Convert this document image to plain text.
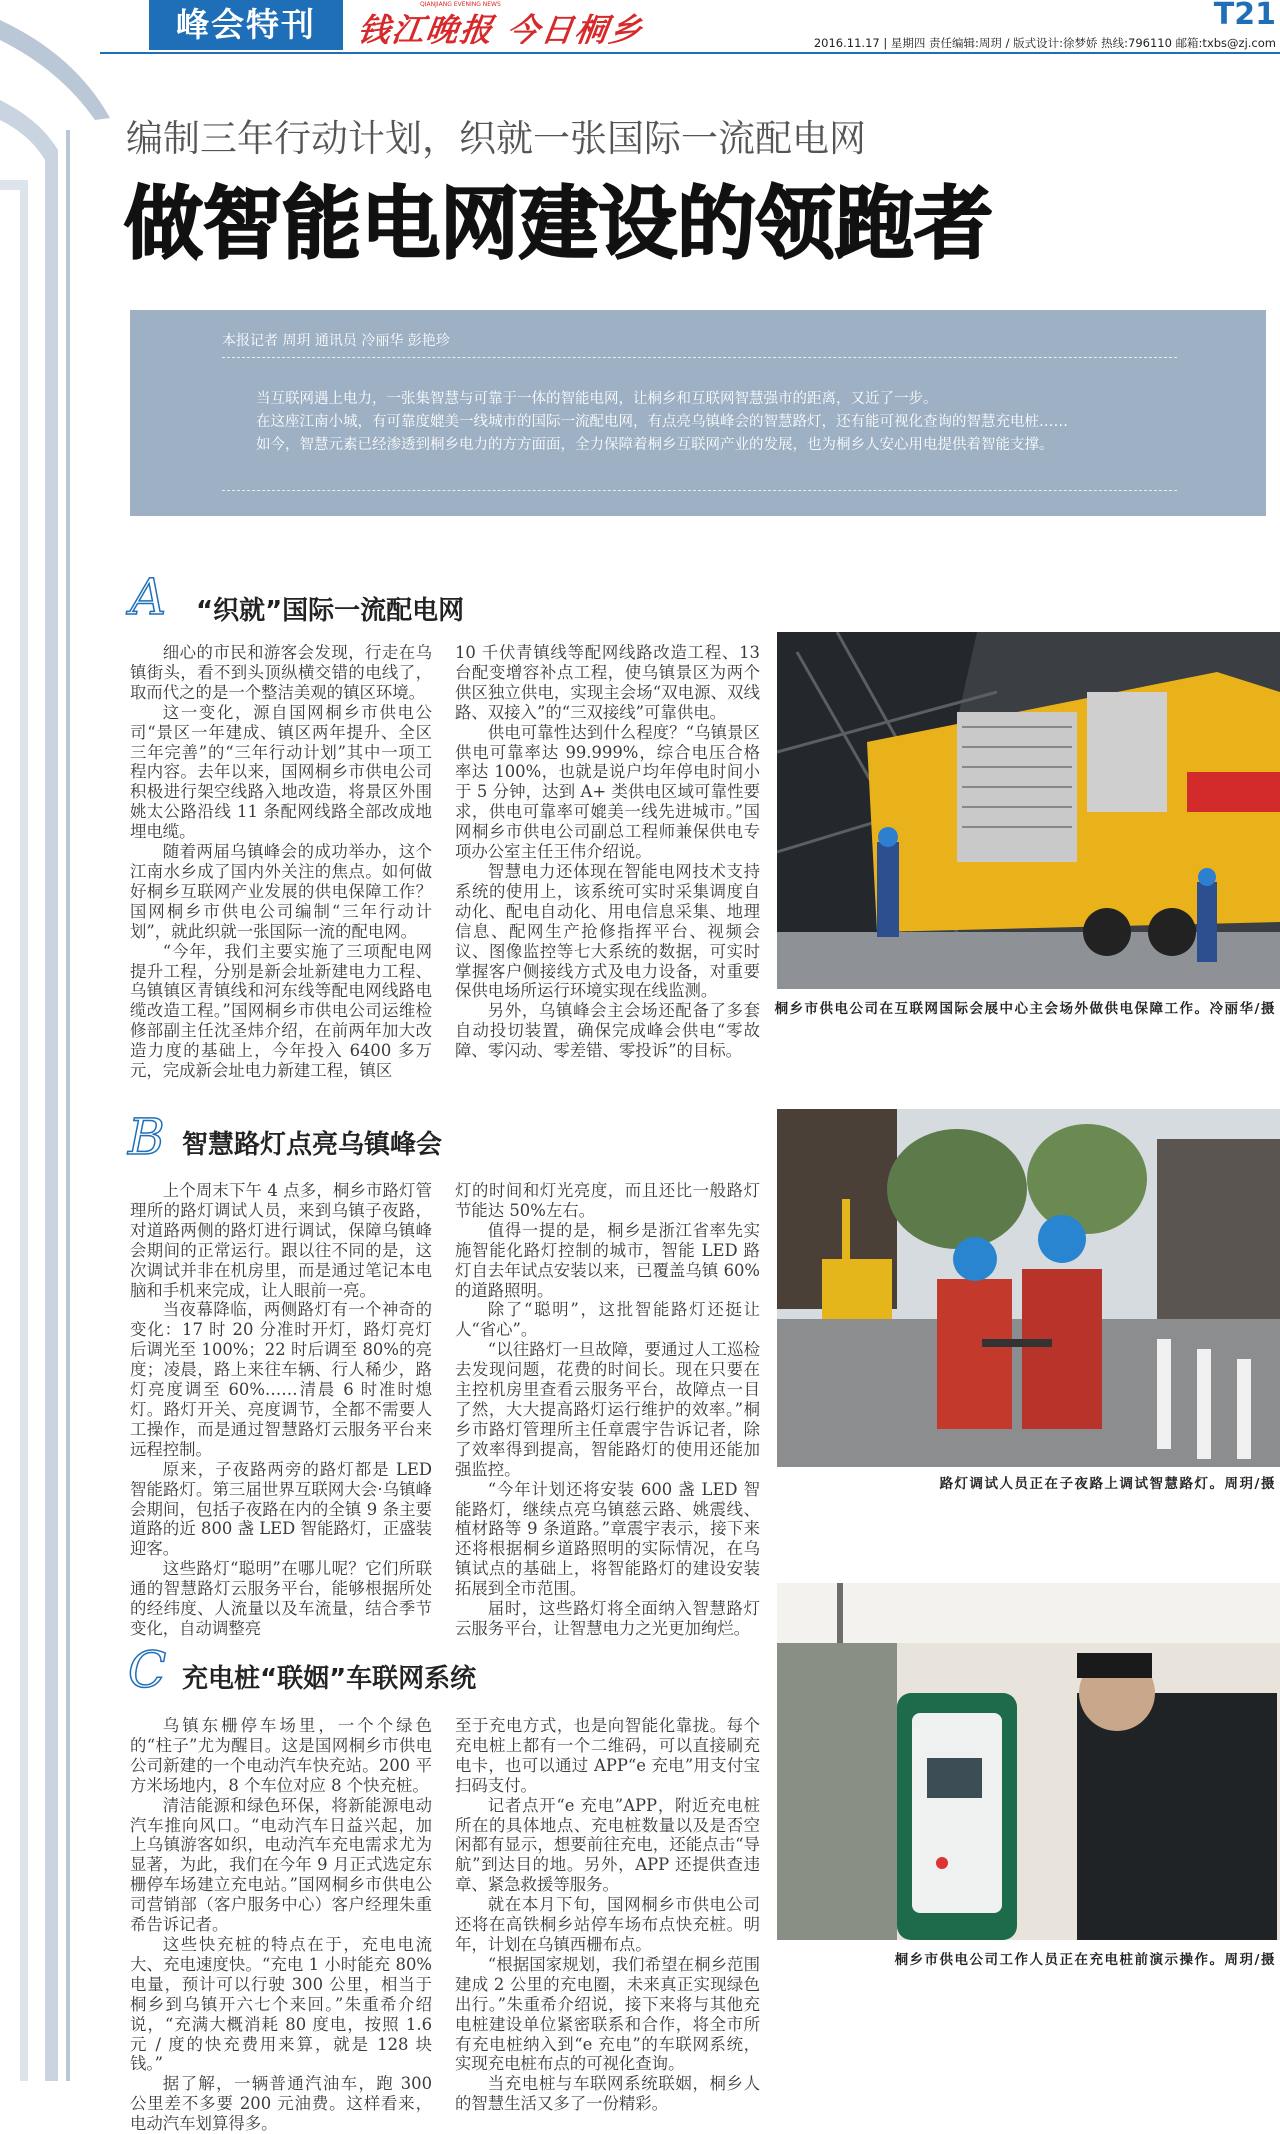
峰会特刊
QIANJIANG EVENING NEWS
钱江晚报 今日桐乡	T21
2016.11.17 | 星期四 责任编辑:周玥 / 版式设计:徐梦娇 热线:796110 邮箱:txbs@zj.com
编制三年行动计划，织就一张国际一流配电网
做智能电网建设的领跑者
本报记者 周玥 通讯员 冷丽华 彭艳珍
当互联网遇上电力，一张集智慧与可靠于一体的智能电网，让桐乡和互联网智慧强市的距离，又近了一步。
在这座江南小城，有可靠度媲美一线城市的国际一流配电网，有点亮乌镇峰会的智慧路灯，还有能可视化查询的智慧充电桩……
如今，智慧元素已经渗透到桐乡电力的方方面面，全力保障着桐乡互联网产业的发展，也为桐乡人安心用电提供着智能支撑。
A “织就”国际一流配电网

细心的市民和游客会发现，行走在乌镇街头，看不到头顶纵横交错的电线了，取而代之的是一个整洁美观的镇区环境。

这一变化，源自国网桐乡市供电公司“景区一年建成、镇区两年提升、全区三年完善”的“三年行动计划”其中一项工程内容。去年以来，国网桐乡市供电公司积极进行架空线路入地改造，将景区外围姚太公路沿线 11 条配网线路全部改成地埋电缆。

随着两届乌镇峰会的成功举办，这个江南水乡成了国内外关注的焦点。如何做好桐乡互联网产业发展的供电保障工作？国网桐乡市供电公司编制“三年行动计划”，就此织就一张国际一流的配电网。

“今年，我们主要实施了三项配电网提升工程，分别是新会址新建电力工程、乌镇镇区青镇线和河东线等配电网线路电缆改造工程。”国网桐乡市供电公司运维检修部副主任沈圣炜介绍，在前两年加大改造力度的基础上，今年投入 6400 多万元，完成新会址电力新建工程，镇区

10 千伏青镇线等配网线路改造工程、13 台配变增容补点工程，使乌镇景区为两个供区独立供电，实现主会场“双电源、双线路、双接入”的“三双接线”可靠供电。

供电可靠性达到什么程度？“乌镇景区供电可靠率达 99.999%，综合电压合格率达 100%，也就是说户均年停电时间小于 5 分钟，达到 A+ 类供电区域可靠性要求，供电可靠率可媲美一线先进城市。”国网桐乡市供电公司副总工程师兼保供电专项办公室主任王伟介绍说。

智慧电力还体现在智能电网技术支持系统的使用上，该系统可实时采集调度自动化、配电自动化、用电信息采集、地理信息、配网生产抢修指挥平台、视频会议、图像监控等七大系统的数据，可实时掌握客户侧接线方式及电力设备，对重要保供电场所运行环境实现在线监测。

另外，乌镇峰会主会场还配备了多套自动投切装置，确保完成峰会供电“零故障、零闪动、零差错、零投诉”的目标。

桐乡市供电公司在互联网国际会展中心主会场外做供电保障工作。冷丽华/摄
B 智慧路灯点亮乌镇峰会

上个周末下午 4 点多，桐乡市路灯管理所的路灯调试人员，来到乌镇子夜路，对道路两侧的路灯进行调试，保障乌镇峰会期间的正常运行。跟以往不同的是，这次调试并非在机房里，而是通过笔记本电脑和手机来完成，让人眼前一亮。

当夜幕降临，两侧路灯有一个神奇的变化：17 时 20 分准时开灯，路灯亮灯后调光至 100%；22 时后调至 80%的亮度；凌晨，路上来往车辆、行人稀少，路灯亮度调至 60%……清晨 6 时准时熄灯。路灯开关、亮度调节，全都不需要人工操作，而是通过智慧路灯云服务平台来远程控制。

原来，子夜路两旁的路灯都是 LED 智能路灯。第三届世界互联网大会·乌镇峰会期间，包括子夜路在内的全镇 9 条主要道路的近 800 盏 LED 智能路灯，正盛装迎客。

这些路灯“聪明”在哪儿呢？它们所联通的智慧路灯云服务平台，能够根据所处的经纬度、人流量以及车流量，结合季节变化，自动调整亮

灯的时间和灯光亮度，而且还比一般路灯节能达 50%左右。

值得一提的是，桐乡是浙江省率先实施智能化路灯控制的城市，智能 LED 路灯自去年试点安装以来，已覆盖乌镇 60%的道路照明。

除了“聪明”，这批智能路灯还挺让人“省心”。

“以往路灯一旦故障，要通过人工巡检去发现问题，花费的时间长。现在只要在主控机房里查看云服务平台，故障点一目了然，大大提高路灯运行维护的效率。”桐乡市路灯管理所主任章震宇告诉记者，除了效率得到提高，智能路灯的使用还能加强监控。

“今年计划还将安装 600 盏 LED 智能路灯，继续点亮乌镇慈云路、姚震线、植材路等 9 条道路。”章震宇表示，接下来还将根据桐乡道路照明的实际情况，在乌镇试点的基础上，将智能路灯的建设安装拓展到全市范围。

届时，这些路灯将全面纳入智慧路灯云服务平台，让智慧电力之光更加绚烂。

路灯调试人员正在子夜路上调试智慧路灯。周玥/摄
C 充电桩“联姻”车联网系统

乌镇东栅停车场里，一个个绿色的“柱子”尤为醒目。这是国网桐乡市供电公司新建的一个电动汽车快充站。200 平方米场地内，8 个车位对应 8 个快充桩。

清洁能源和绿色环保，将新能源电动汽车推向风口。“电动汽车日益兴起，加上乌镇游客如织，电动汽车充电需求尤为显著，为此，我们在今年 9 月正式选定东栅停车场建立充电站。”国网桐乡市供电公司营销部（客户服务中心）客户经理朱重希告诉记者。

这些快充桩的特点在于，充电电流大、充电速度快。“充电 1 小时能充 80%电量，预计可以行驶 300 公里，相当于桐乡到乌镇开六七个来回。”朱重希介绍说，“充满大概消耗 80 度电，按照 1.6 元 / 度的快充费用来算，就是 128 块钱。”

据了解，一辆普通汽油车，跑 300 公里差不多要 200 元油费。这样看来，电动汽车划算得多。

至于充电方式，也是向智能化靠拢。每个充电桩上都有一个二维码，可以直接刷充电卡，也可以通过 APP“e 充电”用支付宝扫码支付。

记者点开“e 充电”APP，附近充电桩所在的具体地点、充电桩数量以及是否空闲都有显示，想要前往充电，还能点击“导航”到达目的地。另外，APP 还提供查违章、紧急救援等服务。

就在本月下旬，国网桐乡市供电公司还将在高铁桐乡站停车场布点快充桩。明年，计划在乌镇西栅布点。

“根据国家规划，我们希望在桐乡范围建成 2 公里的充电圈，未来真正实现绿色出行。”朱重希介绍说，接下来将与其他充电桩建设单位紧密联系和合作，将全市所有充电桩纳入到“e 充电”的车联网系统，实现充电桩布点的可视化查询。

当充电桩与车联网系统联姻，桐乡人的智慧生活又多了一份精彩。

桐乡市供电公司工作人员正在充电桩前演示操作。周玥/摄
